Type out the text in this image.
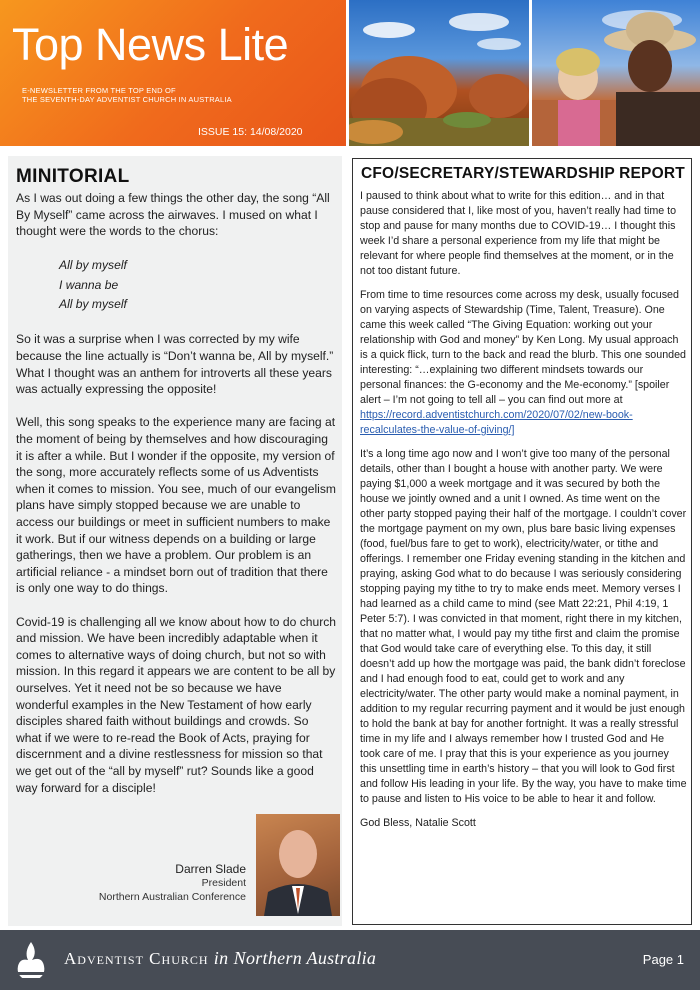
Top News Lite
E-NEWSLETTER FROM THE TOP END OF
THE SEVENTH-DAY ADVENTIST CHURCH IN AUSTRALIA
ISSUE 15: 14/08/2020
MINITORIAL

As I was out doing a few things the other day, the song “All By Myself” came across the airwaves. I mused on what I thought were the words to the chorus:

All by myself
I wanna be
All by myself

So it was a surprise when I was corrected by my wife because the line actually is “Don’t wanna be, All by myself.” What I thought was an anthem for introverts all these years was actually expressing the opposite!

Well, this song speaks to the experience many are facing at the moment of being by themselves and how discouraging it is after a while. But I wonder if the opposite, my version of the song, more accurately reflects some of us Adventists when it comes to mission. You see, much of our evangelism plans have simply stopped because we are unable to access our buildings or meet in sufficient numbers to make it work. But if our witness depends on a building or large gatherings, then we have a problem. Our problem is an artificial reliance - a mindset born out of tradition that there is only one way to do things.

Covid-19 is challenging all we know about how to do church and mission. We have been incredibly adaptable when it comes to alternative ways of doing church, but not so with mission. In this regard it appears we are content to be all by ourselves. Yet it need not be so because we have wonderful examples in the New Testament of how early disciples shared faith without buildings and crowds. So what if we were to re-read the Book of Acts, praying for discernment and a divine restlessness for mission so that we get out of the “all by myself” rut? Sounds like a good way forward for a disciple!

Darren Slade
President
Northern Australian Conference
CFO/SECRETARY/STEWARDSHIP REPORT

I paused to think about what to write for this edition… and in that pause considered that I, like most of you, haven’t really had time to stop and pause for many months due to COVID-19… I thought this week I’d share a personal experience from my life that might be relevant for where people find themselves at the moment, or in the not too distant future.

From time to time resources come across my desk, usually focused on varying aspects of Stewardship (Time, Talent, Treasure). One came this week called “The Giving Equation: working out your relationship with God and money” by Ken Long. My usual approach is a quick flick, turn to the back and read the blurb. This one sounded interesting: “…explaining two different mindsets towards our personal finances: the G-economy and the Me-economy.” [spoiler alert – I’m not going to tell all – you can find out more at https://record.adventistchurch.com/2020/07/02/new-book-recalculates-the-value-of-giving/]

It’s a long time ago now and I won’t give too many of the personal details, other than I bought a house with another party. We were paying $1,000 a week mortgage and it was secured by both the house we jointly owned and a unit I owned. As time went on the other party stopped paying their half of the mortgage. I couldn’t cover the mortgage payment on my own, plus bare basic living expenses (food, fuel/bus fare to get to work), electricity/water, or tithe and offerings. I remember one Friday evening standing in the kitchen and praying, asking God what to do because I was seriously considering stopping paying my tithe to try to make ends meet. Memory verses I had learned as a child came to mind (see Matt 22:21, Phil 4:19, 1 Peter 5:7). I was convicted in that moment, right there in my kitchen, that no matter what, I would pay my tithe first and claim the promise that God would take care of everything else. To this day, it still doesn’t add up how the mortgage was paid, the bank didn’t foreclose and I had enough food to eat, could get to work and any electricity/water. The other party would make a nominal payment, in addition to my regular recurring payment and it would be just enough to hold the bank at bay for another fortnight. It was a really stressful time in my life and I always remember how I trusted God and He took care of me. I pray that this is your experience as you journey this unsettling time in earth’s history – that you will look to God first and follow His leading in your life. By the way, you have to make time to pause and listen to His voice to be able to hear it and follow.

God Bless, Natalie Scott

Adventist Church in Northern Australia	Page 1
